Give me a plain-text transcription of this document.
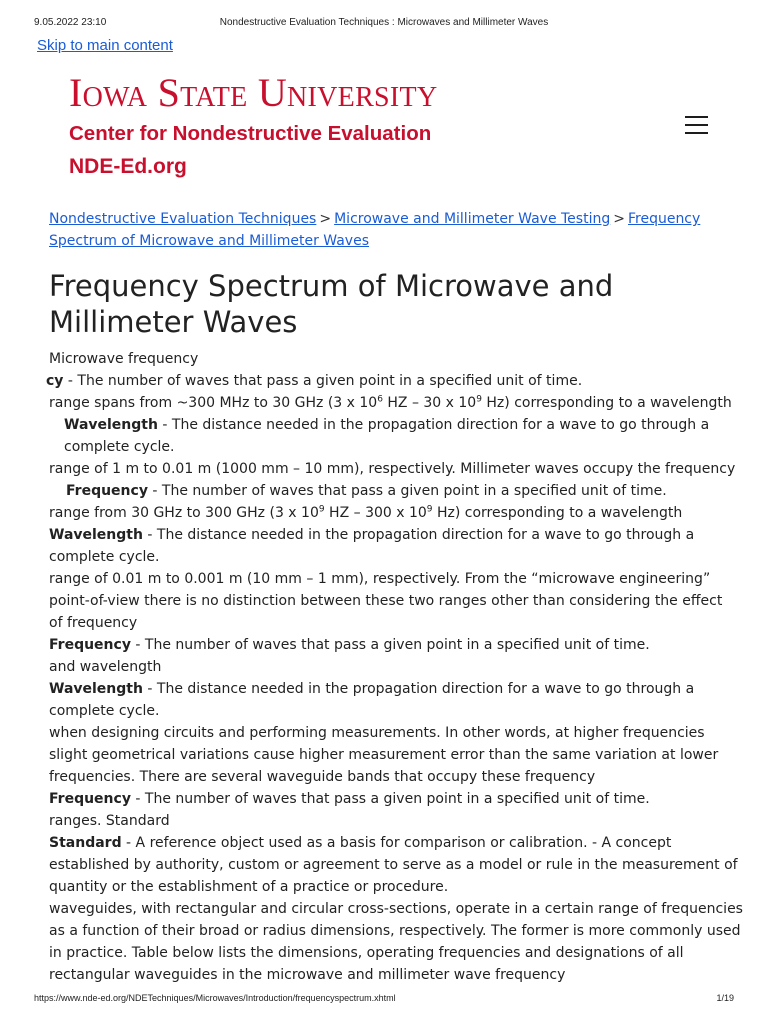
9.05.2022 23:10	Nondestructive Evaluation Techniques : Microwaves and Millimeter Waves
Skip to main content
Iowa State University
Center for Nondestructive Evaluation
NDE-Ed.org
Nondestructive Evaluation Techniques > Microwave and Millimeter Wave Testing > Frequency
Spectrum of Microwave and Millimeter Waves
Frequency Spectrum of Microwave and
Millimeter Waves
Microwave frequency
cy - The number of waves that pass a given point in a specified unit of time.
range spans from ~300 MHz to 30 GHz (3 x $10^6$ HZ – 30 x $10^9$ Hz) corresponding to a wavelength
Wavelength - The distance needed in the propagation direction for a wave to go through a
complete cycle.
range of 1 m to 0.01 m (1000 mm – 10 mm), respectively. Millimeter waves occupy the frequency
Frequency - The number of waves that pass a given point in a specified unit of time.
range from 30 GHz to 300 GHz (3 x $10^9$ HZ – 300 x $10^9$ Hz) corresponding to a wavelength
Wavelength - The distance needed in the propagation direction for a wave to go through a
complete cycle.
range of 0.01 m to 0.001 m (10 mm – 1 mm), respectively. From the “microwave engineering”
point-of-view there is no distinction between these two ranges other than considering the effect
of frequency
Frequency - The number of waves that pass a given point in a specified unit of time.
and wavelength
Wavelength - The distance needed in the propagation direction for a wave to go through a
complete cycle.
when designing circuits and performing measurements. In other words, at higher frequencies
slight geometrical variations cause higher measurement error than the same variation at lower
frequencies. There are several waveguide bands that occupy these frequency
Frequency - The number of waves that pass a given point in a specified unit of time.
ranges. Standard
Standard - A reference object used as a basis for comparison or calibration. - A concept
established by authority, custom or agreement to serve as a model or rule in the measurement of
quantity or the establishment of a practice or procedure.
waveguides, with rectangular and circular cross-sections, operate in a certain range of frequencies
as a function of their broad or radius dimensions, respectively. The former is more commonly used
in practice. Table below lists the dimensions, operating frequencies and designations of all
rectangular waveguides in the microwave and millimeter wave frequency
https://www.nde-ed.org/NDETechniques/Microwaves/Introduction/frequencyspectrum.xhtml	1/19
